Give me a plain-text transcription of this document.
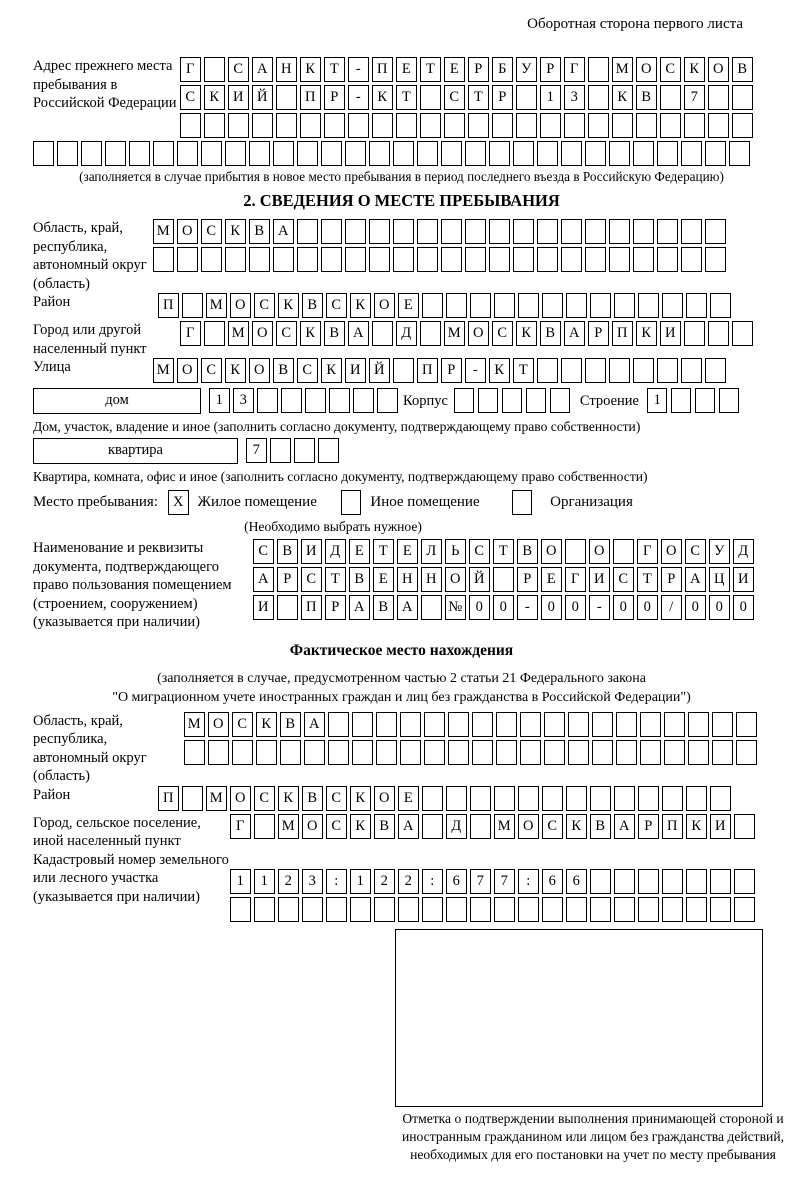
Оборотная сторона первого листа
Адрес прежнего места пребывания в Российской Федерации
Г	С А Н К Т - П Е Т Е Р Б У Р Г	М О С К О В
С К И Й	П Р - К Т	С Т Р	1 3	К В	7
(заполняется в случае прибытия в новое место пребывания в период последнего въезда в Российскую Федерацию)
2. СВЕДЕНИЯ О МЕСТЕ ПРЕБЫВАНИЯ
Область, край, республика, автономный округ (область)
М О С К В А
Район	П	М О С К В С К О Е
Город или другой населенный пункт
Г	М О С К В А	Д	М О С К В А Р П К И
Улица	М О С К О В С К И Й	П Р - К Т
дом	1 3	Корпус	Строение 1
Дом, участок, владение и иное (заполнить согласно документу, подтверждающему право собственности)
квартира	7
Квартира, комната, офис и иное (заполнить согласно документу, подтверждающему право собственности)
Место пребывания:	X Жилое помещение	Иное помещение	Организация
(Необходимо выбрать нужное)
Наименование и реквизиты документа, подтверждающего право пользования помещением (строением, сооружением) (указывается при наличии)
С В И Д Е Т Е Л Ь С Т В О	О	Г О С У Д
А Р С Т В Е Н Н О Й	Р Е Г И С Т Р А Ц И
И	П Р А В А № 0 0 - 0 0 - 0 0 / 0 0 0
Фактическое место нахождения
(заполняется в случае, предусмотренном частью 2 статьи 21 Федерального закона
"О миграционном учете иностранных граждан и лиц без гражданства в Российской Федерации")
Область, край, республика, автономный округ (область)
М О С К В А
Район	П	М О С К В С К О Е
Город, сельское поселение, иной населенный пункт
Г	М О С К В А	Д	М О С К В А Р П К И
Кадастровый номер земельного или лесного участка (указывается при наличии)
1 1 2 3 : 1 2 2 : 6 7 7 : 6 6
Отметка о подтверждении выполнения принимающей стороной и иностранным гражданином или лицом без гражданства действий, необходимых для его постановки на учет по месту пребывания
